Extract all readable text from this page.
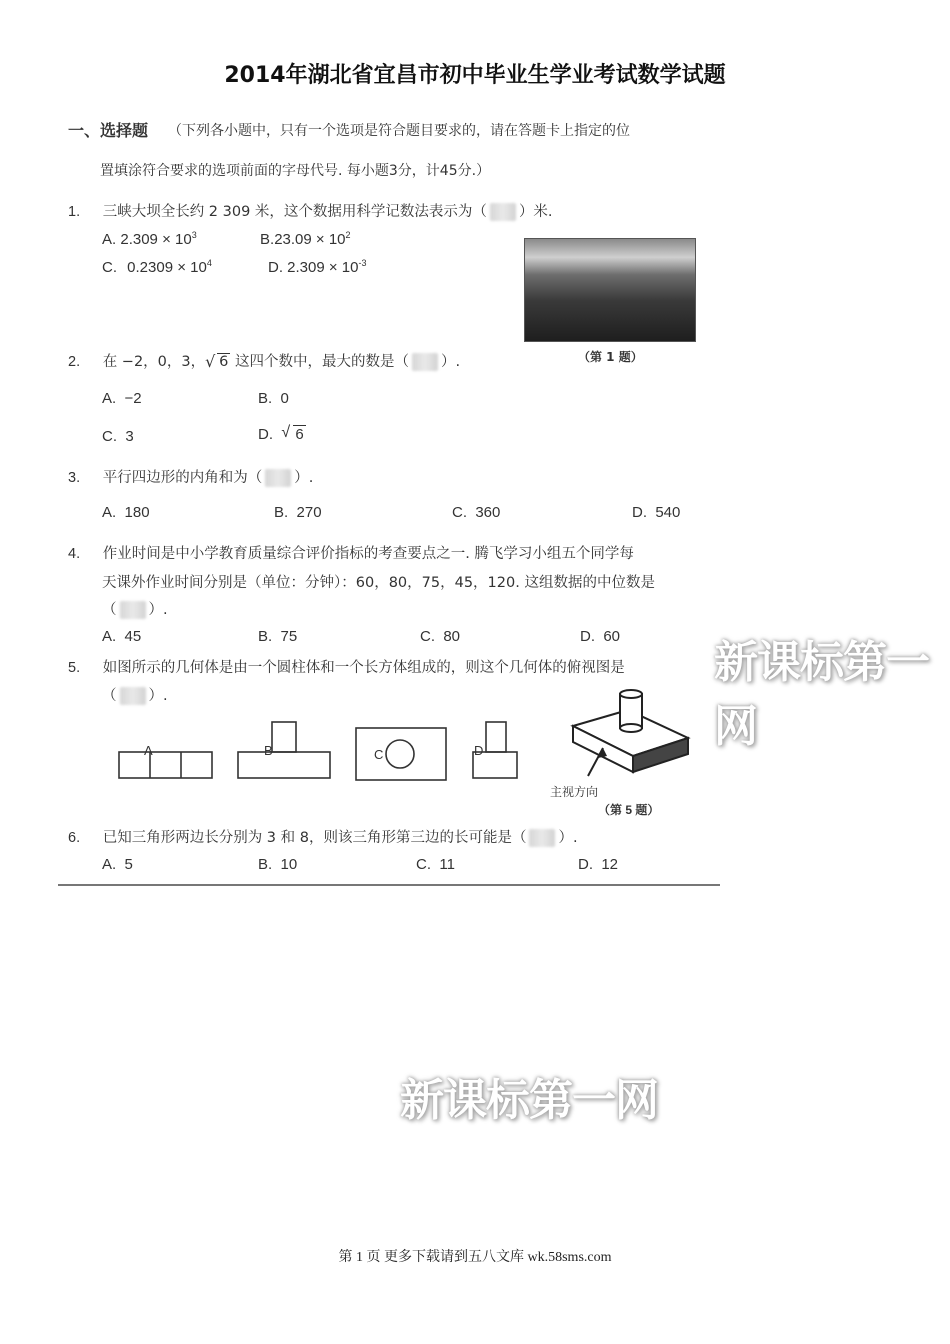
2014年湖北省宜昌市初中毕业生学业考试数学试题
一、选择题 （下列各小题中，只有一个选项是符合题目要求的，请在答题卡上指定的位
置填涂符合要求的选项前面的字母代号. 每小题3分，计45分.）
1. 三峡大坝全长约 2 309 米，这个数据用科学记数法表示为（ ）米.
A. $2.309 \times 10^3$	$B.23.09 \times 10^2$
C. $0.2309 \times 10^4$	D. $2.309 \times 10^{-3}$
（第 1 题）
2. 在 −2，0，3， √ 6 这四个数中，最大的数是（ ）.
A. −2	B. 0
C. 3	D. √ 6
3. 平行四边形的内角和为（ ）.
A. 180	B. 270	C. 360	D. 540
4. 作业时间是中小学教育质量综合评价指标的考查要点之一. 腾飞学习小组五个同学每
天课外作业时间分别是（单位：分钟）：60，80，75，45，120. 这组数据的中位数是
（ ）.
A. 45	B. 75	C. 80	D. 60
5. 如图所示的几何体是由一个圆柱体和一个长方体组成的，则这个几何体的俯视图是
（ ）.
A	B	C	D
主视方向
（第 5 题）
6. 已知三角形两边长分别为 3 和 8，则该三角形第三边的长可能是（ ）.
A. 5	B. 10	C. 11	D. 12
新课标第一网
新课标第一网
第 1 页 更多下载请到五八文库 wk.58sms.com
